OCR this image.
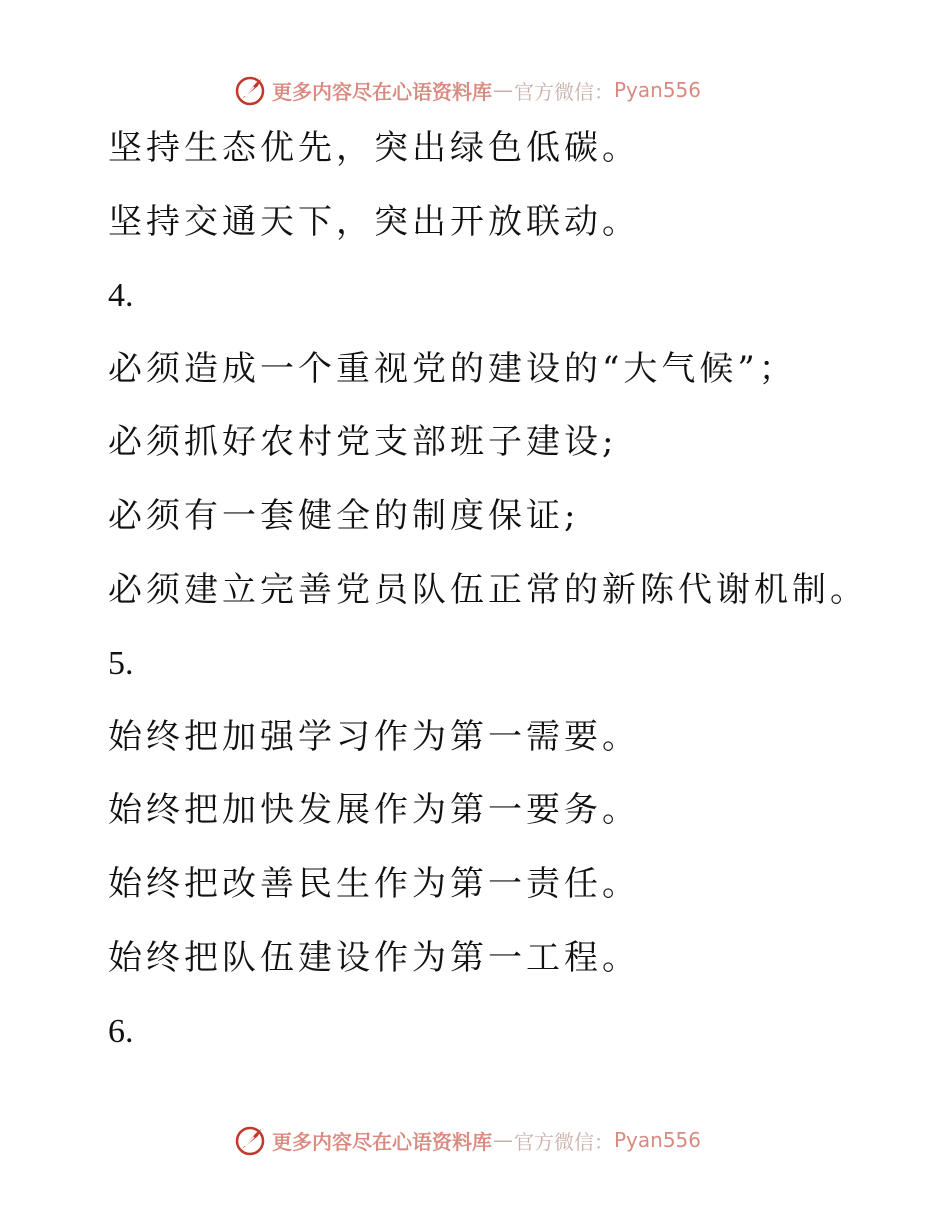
更多内容尽在心语资料库 — 官方微信： Pyan556
坚持生态优先，突出绿色低碳。
坚持交通天下，突出开放联动。
4.
必须造成一个重视党的建设的“大气候”；
必须抓好农村党支部班子建设;
必须有一套健全的制度保证;
必须建立完善党员队伍正常的新陈代谢机制。
5.
始终把加强学习作为第一需要。
始终把加快发展作为第一要务。
始终把改善民生作为第一责任。
始终把队伍建设作为第一工程。
6.
更多内容尽在心语资料库 — 官方微信： Pyan556
